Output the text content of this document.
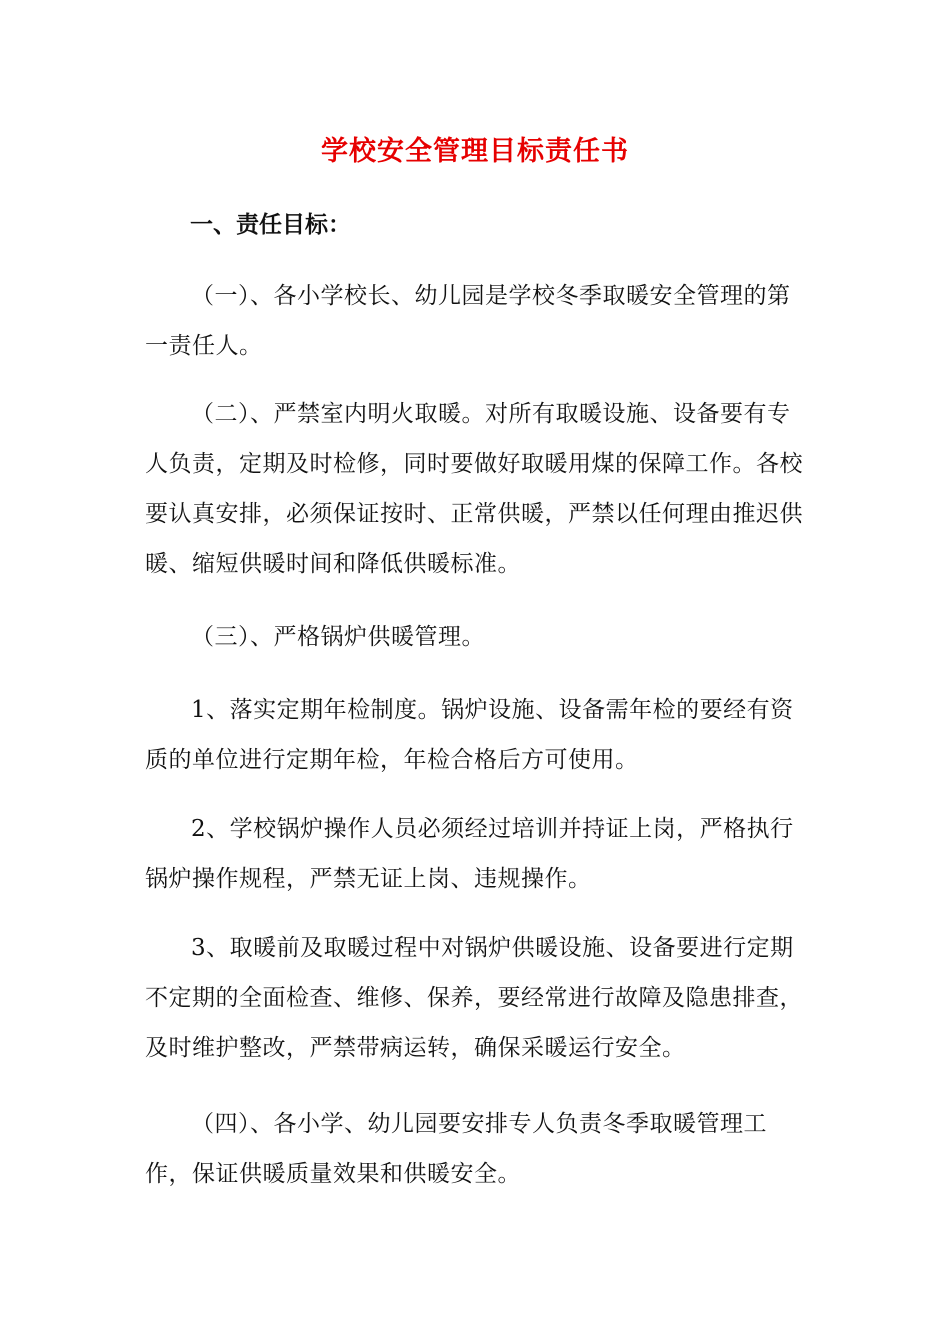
学校安全管理目标责任书
一、责任目标：

（一）、各小学校长、幼儿园是学校冬季取暖安全管理的第一责任人。

（二）、严禁室内明火取暖。对所有取暖设施、设备要有专人负责，定期及时检修，同时要做好取暖用煤的保障工作。各校要认真安排，必须保证按时、正常供暖，严禁以任何理由推迟供暖、缩短供暖时间和降低供暖标准。

（三）、严格锅炉供暖管理。

1、落实定期年检制度。锅炉设施、设备需年检的要经有资质的单位进行定期年检，年检合格后方可使用。

2、学校锅炉操作人员必须经过培训并持证上岗，严格执行锅炉操作规程，严禁无证上岗、违规操作。

3、取暖前及取暖过程中对锅炉供暖设施、设备要进行定期不定期的全面检查、维修、保养，要经常进行故障及隐患排查，及时维护整改，严禁带病运转，确保采暖运行安全。

（四）、各小学、幼儿园要安排专人负责冬季取暖管理工作，保证供暖质量效果和供暖安全。
